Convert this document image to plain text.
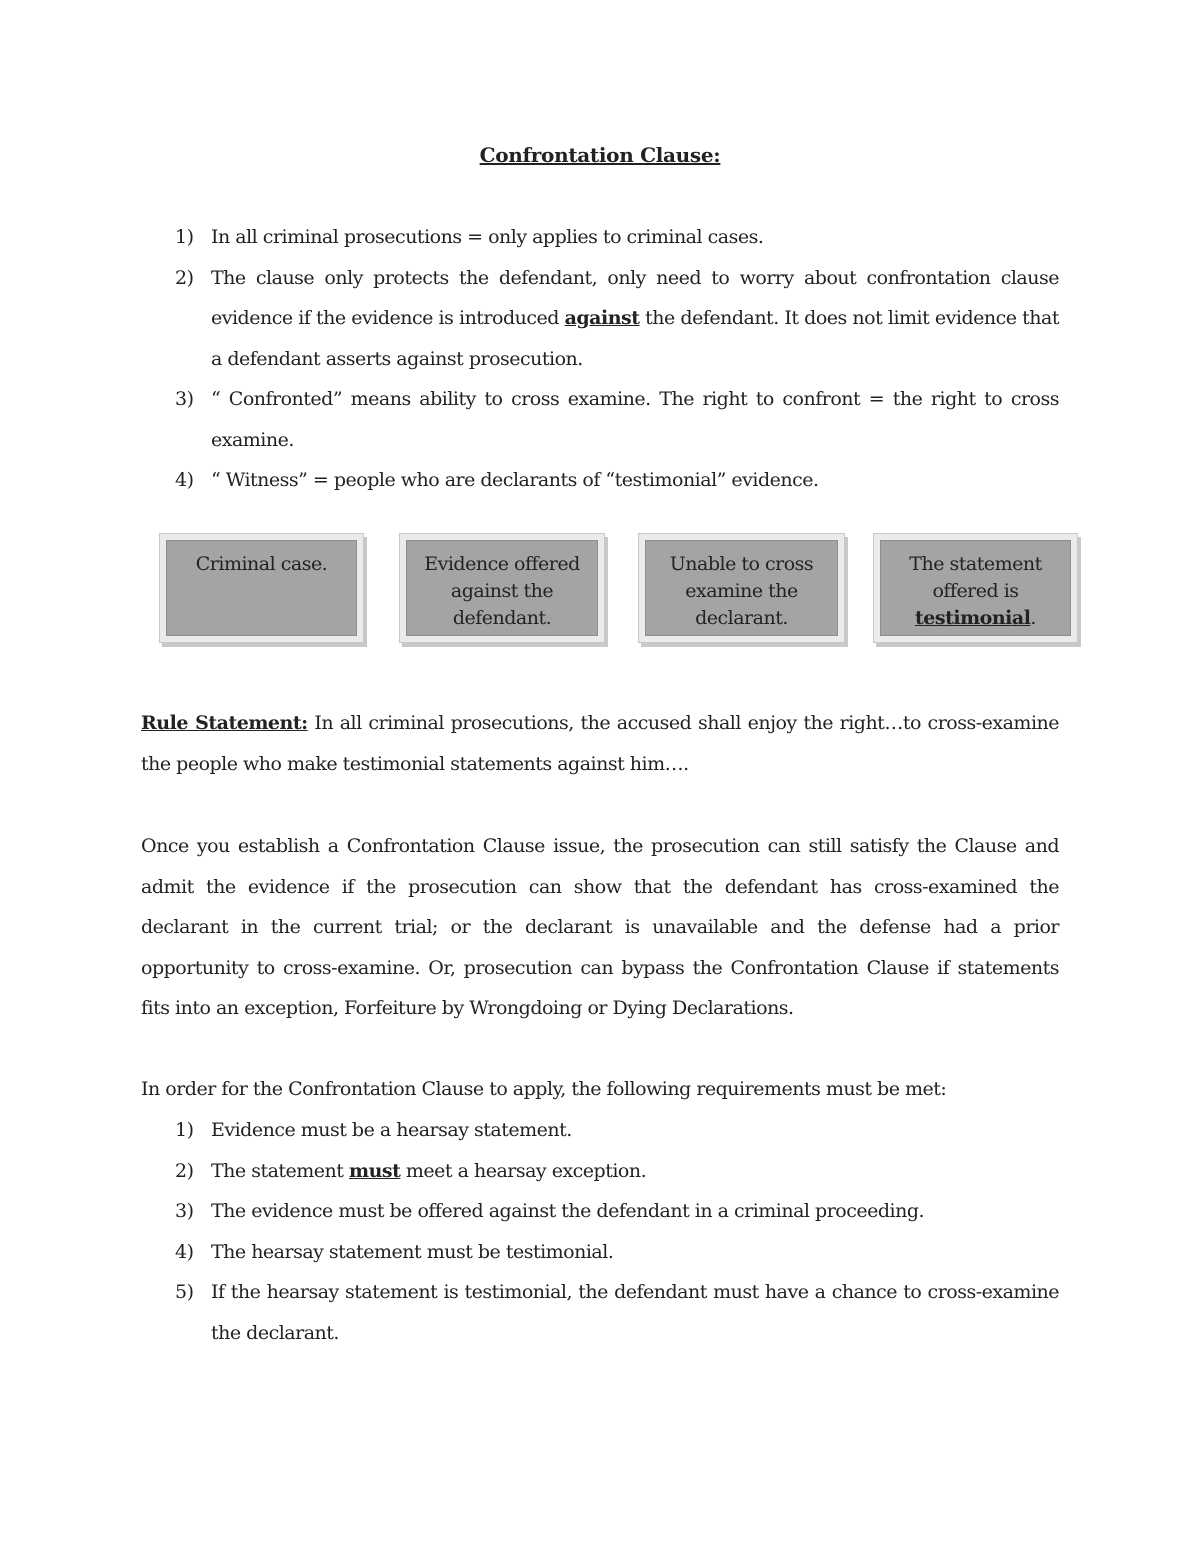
Confrontation Clause:
1) In all criminal prosecutions = only applies to criminal cases.
2) The clause only protects the defendant, only need to worry about confrontation clause evidence if the evidence is introduced against the defendant. It does not limit evidence that a defendant asserts against prosecution.
3) “ Confronted” means ability to cross examine. The right to confront = the right to cross examine.
4) “ Witness” = people who are declarants of “testimonial” evidence.
Criminal case.	Evidence offered against the defendant.
Unable to cross examine the declarant.
The statement offered is testimonial.
Rule Statement: In all criminal prosecutions, the accused shall enjoy the right…to cross-examine the people who make testimonial statements against him….
Once you establish a Confrontation Clause issue, the prosecution can still satisfy the Clause and admit the evidence if the prosecution can show that the defendant has cross-examined the declarant in the current trial; or the declarant is unavailable and the defense had a prior opportunity to cross-examine. Or, prosecution can bypass the Confrontation Clause if statements fits into an exception, Forfeiture by Wrongdoing or Dying Declarations.
In order for the Confrontation Clause to apply, the following requirements must be met:
1) Evidence must be a hearsay statement.
2) The statement must meet a hearsay exception.
3) The evidence must be offered against the defendant in a criminal proceeding.
4) The hearsay statement must be testimonial.
5) If the hearsay statement is testimonial, the defendant must have a chance to cross-examine the declarant.
